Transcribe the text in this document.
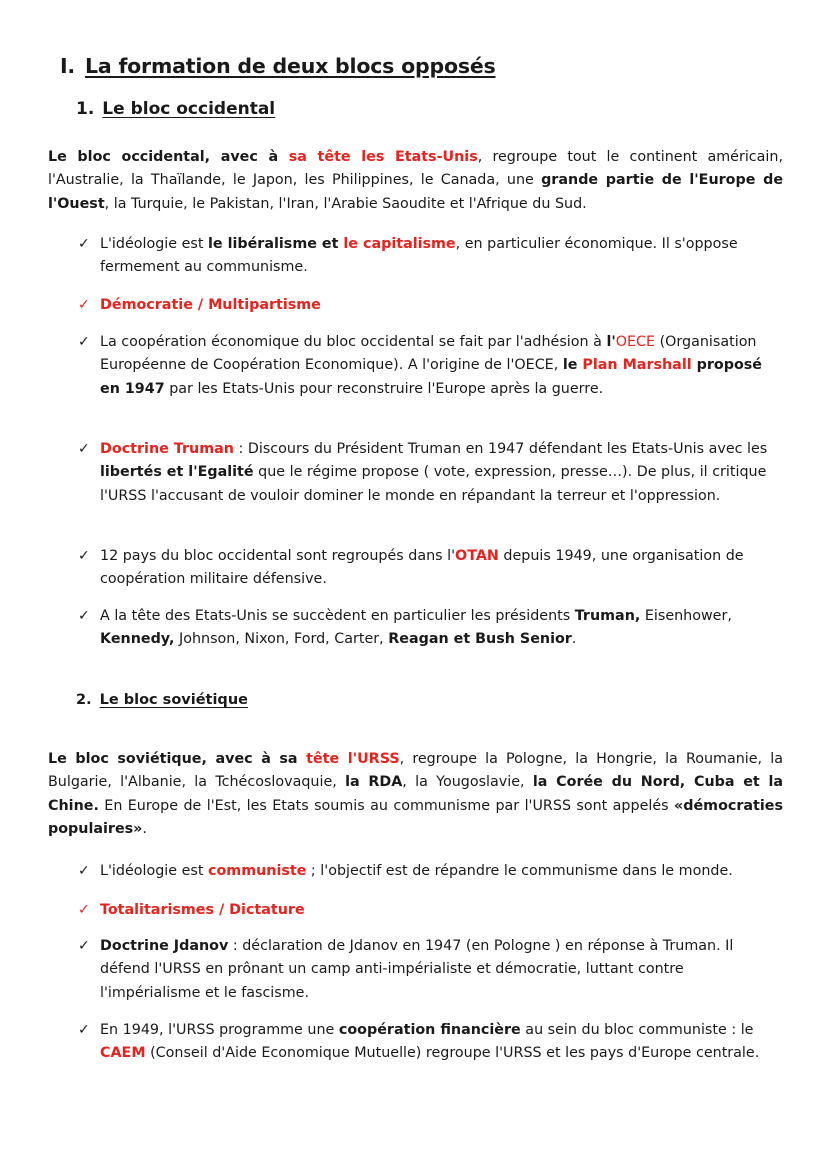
I. La formation de deux blocs opposés
1. Le bloc occidental

Le bloc occidental, avec à sa tête les Etats-Unis, regroupe tout le continent américain, l'Australie, la Thaïlande, le Japon, les Philippines, le Canada, une grande partie de l'Europe de l'Ouest, la Turquie, le Pakistan, l'Iran, l'Arabie Saoudite et l'Afrique du Sud.

✓ L'idéologie est le libéralisme et le capitalisme, en particulier économique. Il s'oppose fermement au communisme.
✓ Démocratie / Multipartisme
✓ La coopération économique du bloc occidental se fait par l'adhésion à l'OECE (Organisation Européenne de Coopération Economique). A l'origine de l'OECE, le Plan Marshall proposé en 1947 par les Etats-Unis pour reconstruire l'Europe après la guerre.
✓ Doctrine Truman : Discours du Président Truman en 1947 défendant les Etats-Unis avec les libertés et l'Egalité que le régime propose ( vote, expression, presse…). De plus, il critique l'URSS l'accusant de vouloir dominer le monde en répandant la terreur et l'oppression.
✓ 12 pays du bloc occidental sont regroupés dans l'OTAN depuis 1949, une organisation de coopération militaire défensive.
✓ A la tête des Etats-Unis se succèdent en particulier les présidents Truman, Eisenhower, Kennedy, Johnson, Nixon, Ford, Carter, Reagan et Bush Senior.
2. Le bloc soviétique

Le bloc soviétique, avec à sa tête l'URSS, regroupe la Pologne, la Hongrie, la Roumanie, la Bulgarie, l'Albanie, la Tchécoslovaquie, la RDA, la Yougoslavie, la Corée du Nord, Cuba et la Chine. En Europe de l'Est, les Etats soumis au communisme par l'URSS sont appelés «démocraties populaires».

✓ L'idéologie est communiste ; l'objectif est de répandre le communisme dans le monde.
✓ Totalitarismes / Dictature
✓ Doctrine Jdanov : déclaration de Jdanov en 1947 (en Pologne ) en réponse à Truman. Il défend l'URSS en prônant un camp anti-impérialiste et démocratie, luttant contre l'impérialisme et le fascisme.
✓ En 1949, l'URSS programme une coopération financière au sein du bloc communiste : le CAEM (Conseil d'Aide Economique Mutuelle) regroupe l'URSS et les pays d'Europe centrale.
